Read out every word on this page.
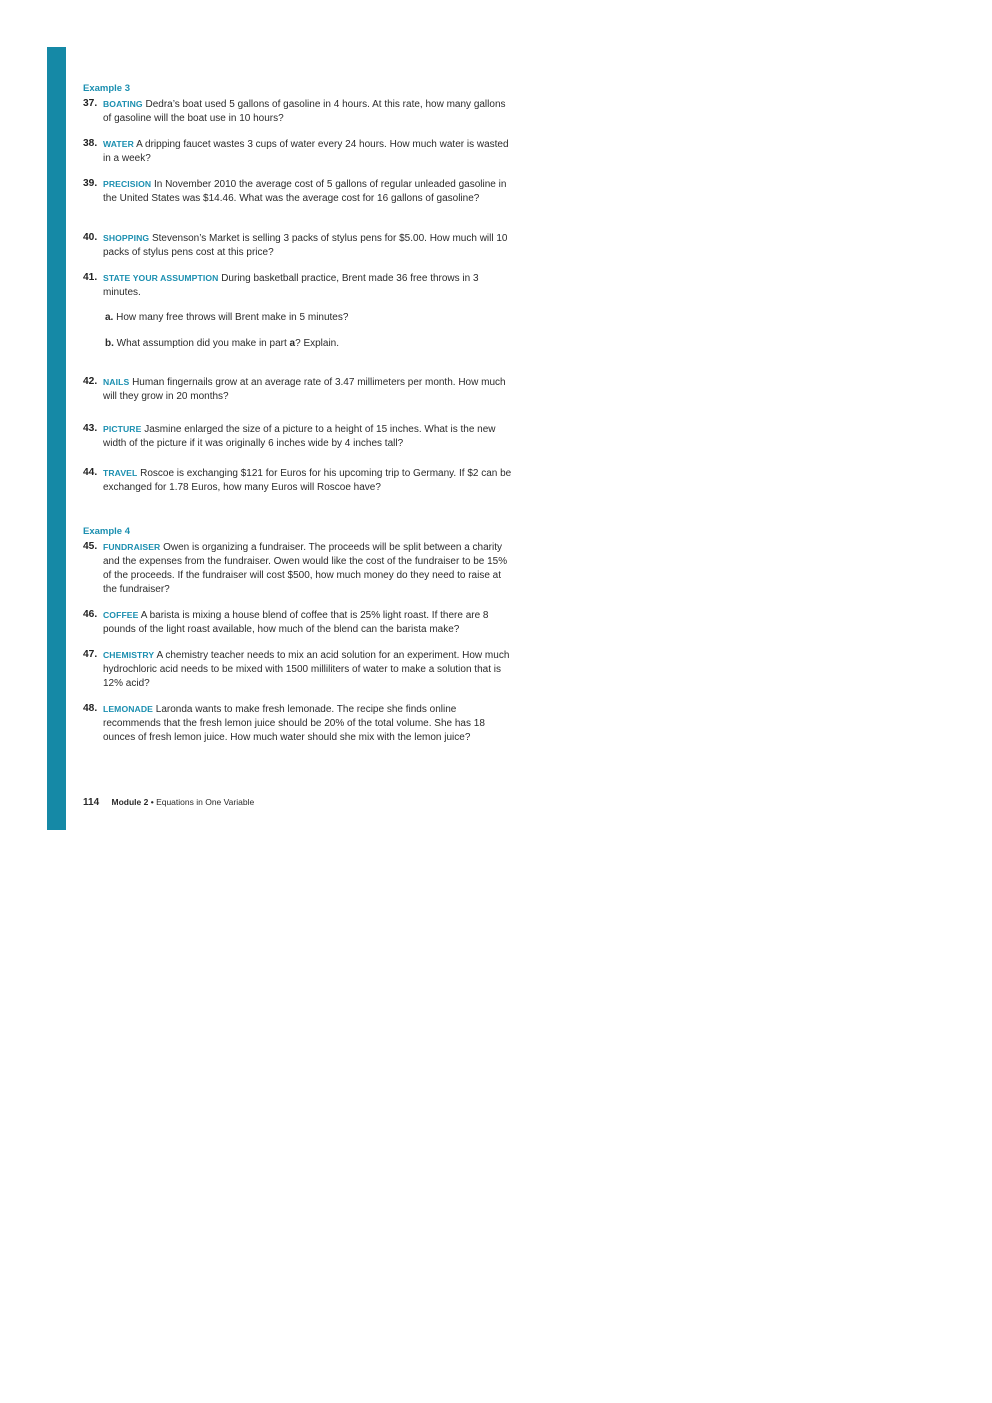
Example 3
37. BOATING Dedra’s boat used 5 gallons of gasoline in 4 hours. At this rate, how many gallons of gasoline will the boat use in 10 hours?
38. WATER A dripping faucet wastes 3 cups of water every 24 hours. How much water is wasted in a week?
39. PRECISION In November 2010 the average cost of 5 gallons of regular unleaded gasoline in the United States was $14.46. What was the average cost for 16 gallons of gasoline?
40. SHOPPING Stevenson’s Market is selling 3 packs of stylus pens for $5.00. How much will 10 packs of stylus pens cost at this price?
41. STATE YOUR ASSUMPTION During basketball practice, Brent made 36 free throws in 3 minutes.
a. How many free throws will Brent make in 5 minutes?
b. What assumption did you make in part a? Explain.
42. NAILS Human fingernails grow at an average rate of 3.47 millimeters per month. How much will they grow in 20 months?
43. PICTURE Jasmine enlarged the size of a picture to a height of 15 inches. What is the new width of the picture if it was originally 6 inches wide by 4 inches tall?
44. TRAVEL Roscoe is exchanging $121 for Euros for his upcoming trip to Germany. If $2 can be exchanged for 1.78 Euros, how many Euros will Roscoe have?
Example 4
45. FUNDRAISER Owen is organizing a fundraiser. The proceeds will be split between a charity and the expenses from the fundraiser. Owen would like the cost of the fundraiser to be 15% of the proceeds. If the fundraiser will cost $500, how much money do they need to raise at the fundraiser?
46. COFFEE A barista is mixing a house blend of coffee that is 25% light roast. If there are 8 pounds of the light roast available, how much of the blend can the barista make?
47. CHEMISTRY A chemistry teacher needs to mix an acid solution for an experiment. How much hydrochloric acid needs to be mixed with 1500 milliliters of water to make a solution that is 12% acid?
48. LEMONADE Laronda wants to make fresh lemonade. The recipe she finds online recommends that the fresh lemon juice should be 20% of the total volume. She has 18 ounces of fresh lemon juice. How much water should she mix with the lemon juice?
114 Module 2 • Equations in One Variable
